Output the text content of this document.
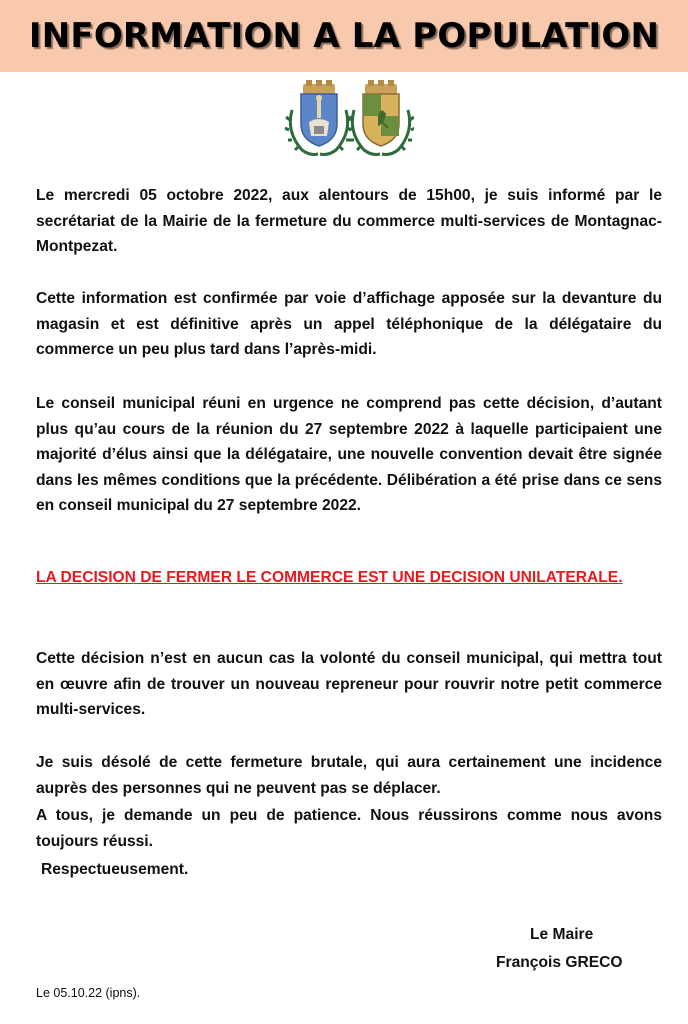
INFORMATION A LA POPULATION

Le mercredi 05 octobre 2022, aux alentours de 15h00, je suis informé par le secrétariat de la Mairie de la fermeture du commerce multi-services de Montagnac-Montpezat.

Cette information est confirmée par voie d’affichage apposée sur la devanture du magasin et est définitive après un appel téléphonique de la délégataire du commerce un peu plus tard dans l’après-midi.

Le conseil municipal réuni en urgence ne comprend pas cette décision, d’autant plus qu’au cours de la réunion du 27 septembre 2022 à laquelle participaient une majorité d’élus ainsi que la délégataire, une nouvelle convention devait être signée dans les mêmes conditions que la précédente. Délibération a été prise dans ce sens en conseil municipal du 27 septembre 2022.

LA DECISION DE FERMER LE COMMERCE EST UNE DECISION UNILATERALE.

Cette décision n’est en aucun cas la volonté du conseil municipal, qui mettra tout en œuvre afin de trouver un nouveau repreneur pour rouvrir notre petit commerce multi-services.

Je suis désolé de cette fermeture brutale, qui aura certainement une incidence auprès des personnes qui ne peuvent pas se déplacer.

A tous, je demande un peu de patience. Nous réussirons comme nous avons toujours réussi.

Respectueusement.

Le Maire

François GRECO

Le 05.10.22 (ipns).
